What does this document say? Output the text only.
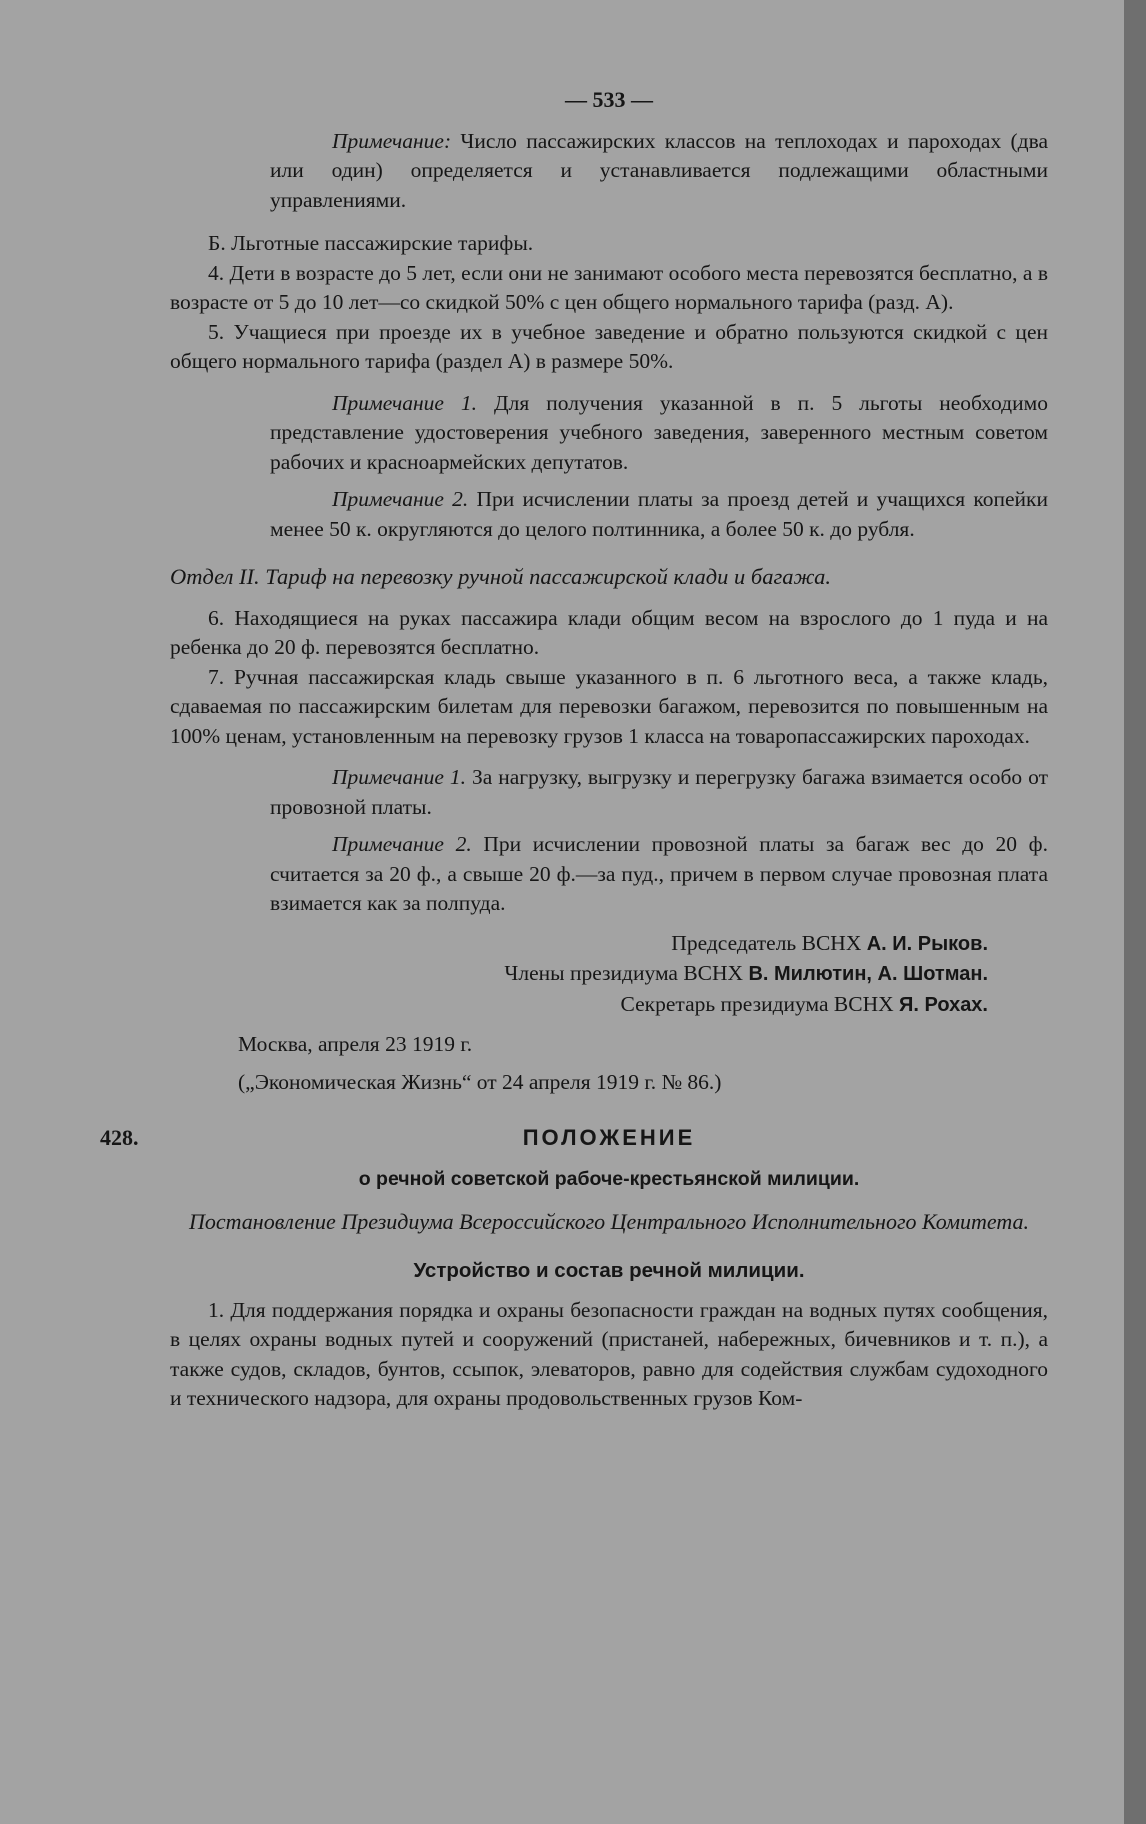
— 533 —

Примечание: Число пассажирских классов на теплоходах и пароходах (два или один) определяется и устанавливается подлежащими областными управлениями.

Б. Льготные пассажирские тарифы.

4. Дети в возрасте до 5 лет, если они не занимают особого места перевозятся бесплатно, а в возрасте от 5 до 10 лет—со скидкой 50% с цен общего нормального тарифа (разд. А).

5. Учащиеся при проезде их в учебное заведение и обратно пользуются скидкой с цен общего нормального тарифа (раздел А) в размере 50%.

Примечание 1. Для получения указанной в п. 5 льготы необходимо представление удостоверения учебного заведения, заверенного местным советом рабочих и красноармейских депутатов.

Примечание 2. При исчислении платы за проезд детей и учащихся копейки менее 50 к. округляются до целого полтинника, а более 50 к. до рубля.

Отдел II. Тариф на перевозку ручной пассажирской клади и багажа.

6. Находящиеся на руках пассажира клади общим весом на взрослого до 1 пуда и на ребенка до 20 ф. перевозятся бесплатно.

7. Ручная пассажирская кладь свыше указанного в п. 6 льготного веса, а также кладь, сдаваемая по пассажирским билетам для перевозки багажом, перевозится по повышенным на 100% ценам, установленным на перевозку грузов 1 класса на товаропассажирских пароходах.

Примечание 1. За нагрузку, выгрузку и перегрузку багажа взимается особо от провозной платы.

Примечание 2. При исчислении провозной платы за багаж вес до 20 ф. считается за 20 ф., а свыше 20 ф.—за пуд., причем в первом случае провозная плата взимается как за полпуда.

Председатель ВСНХ А. И. Рыков.

Члены президиума ВСНХ В. Милютин, А. Шотман.

Секретарь президиума ВСНХ Я. Рохах.

Москва, апреля 23 1919 г.

(„Экономическая Жизнь“ от 24 апреля 1919 г. № 86.)

428.	ПОЛОЖЕНИЕ
о речной советской рабоче-крестьянской милиции.

Постановление Президиума Всероссийского Центрального Исполнительного Комитета.

Устройство и состав речной милиции.

1. Для поддержания порядка и охраны безопасности граждан на водных путях сообщения, в целях охраны водных путей и сооружений (пристаней, набережных, бичевников и т. п.), а также судов, складов, бунтов, ссыпок, элеваторов, равно для содействия службам судоходного и технического надзора, для охраны продовольственных грузов Ком-
